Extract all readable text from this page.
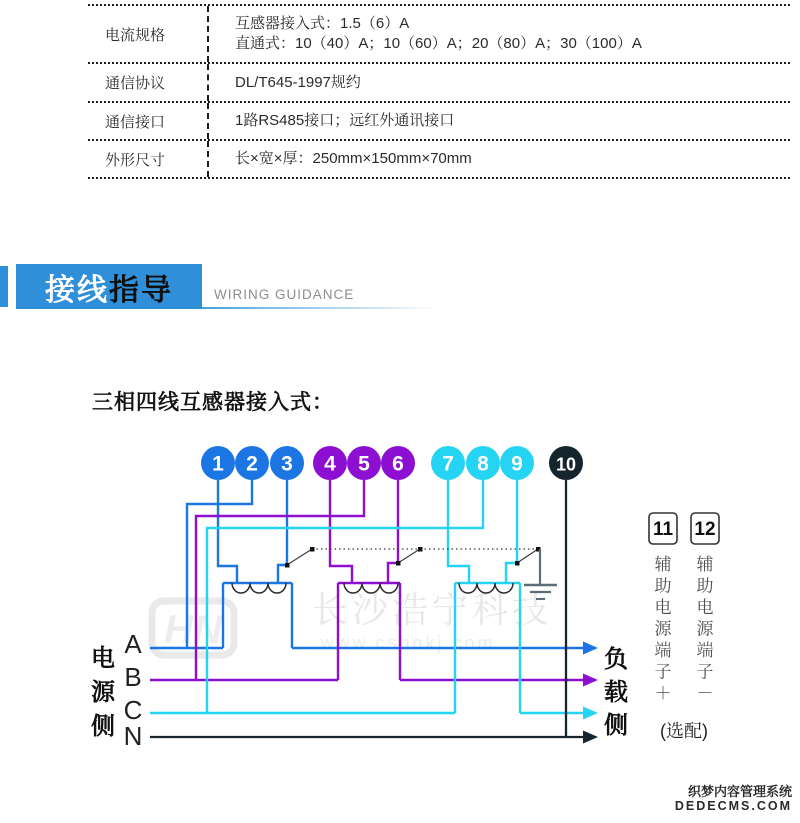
电流规格
互感器接入式：1.5（6）A
直通式：10（40）A；10（60）A；20（80）A；30（100）A
通信协议	DL/T645-1997规约
通信接口	1路RS485接口；远红外通讯接口
外形尺寸	长×宽×厚：250mm×150mm×70mm
接线 指导	WIRING GUIDANCE
三相四线互感器接入式：
HN	长沙浩宁科技
www.cshnkj.com
1 2 3 4 5 6 7 8 9 10
A
B
C
N
电
源
侧
负
载
侧
辅
助
电
源
端
子
＋
辅
助
电
源
端
子
－
11 12
(选配)
织梦内容管理系统
DEDECMS.COM
